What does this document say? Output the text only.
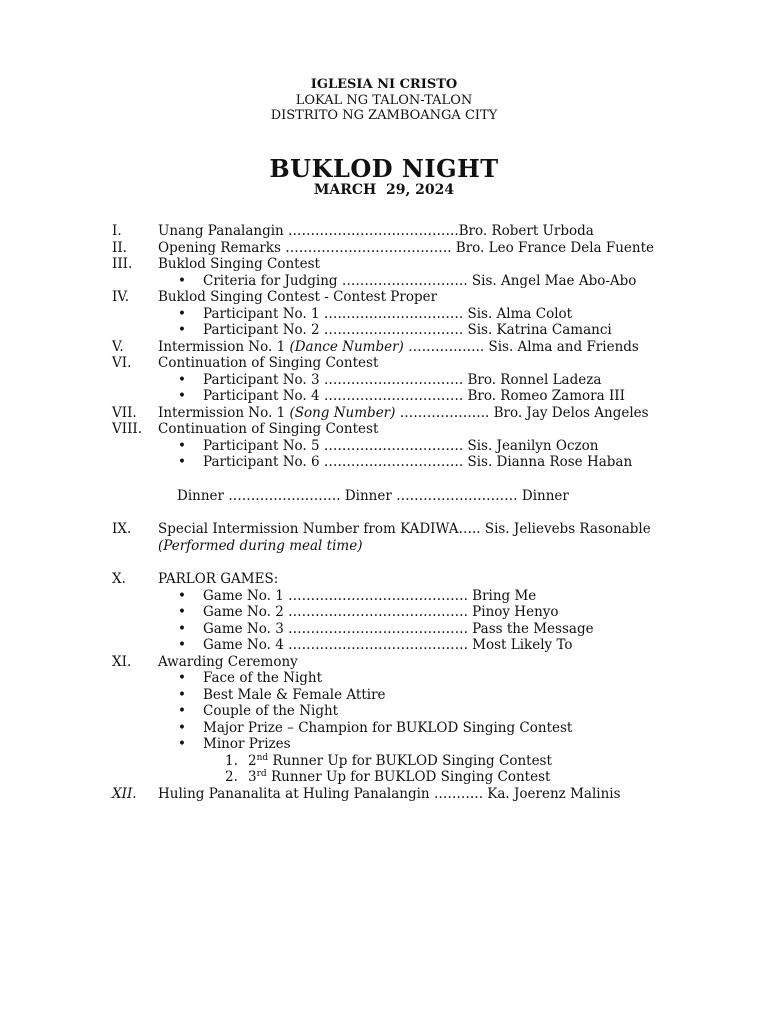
IGLESIA NI CRISTO
LOKAL NG TALON-TALON
DISTRITO NG ZAMBOANGA CITY
BUKLOD NIGHT
MARCH  29, 2024
I.	Unang Panalangin ………………………………..Bro. Robert Urboda
II. Opening Remarks ………………………………. Bro. Leo France Dela Fuente
III. Buklod Singing Contest
• Criteria for Judging ………………………. Sis. Angel Mae Abo-Abo
IV. Buklod Singing Contest - Contest Proper
• Participant No. 1 …………………………. Sis. Alma Colot
• Participant No. 2 …………………………. Sis. Katrina Camanci
V.	Intermission No. 1 (Dance Number) …………….. Sis. Alma and Friends
VI. Continuation of Singing Contest
• Participant No. 3 …………………………. Bro. Ronnel Ladeza
• Participant No. 4 …………………………. Bro. Romeo Zamora III
VII. Intermission No. 1 (Song Number) ……………….. Bro. Jay Delos Angeles
VIII. Continuation of Singing Contest
• Participant No. 5 …………………………. Sis. Jeanilyn Oczon
• Participant No. 6 …………………………. Sis. Dianna Rose Haban
Dinner ……………………. Dinner ……………………… Dinner
IX. Special Intermission Number from KADIWA….. Sis. Jelievebs Rasonable
(Performed during meal time)
X. PARLOR GAMES:
• Game No. 1 …………………………………. Bring Me
• Game No. 2 …………………………………. Pinoy Henyo
• Game No. 3 …………………………………. Pass the Message
• Game No. 4 …………………………………. Most Likely To
XI. Awarding Ceremony
• Face of the Night
• Best Male & Female Attire
• Couple of the Night
• Major Prize – Champion for BUKLOD Singing Contest
• Minor Prizes
1. 2nd Runner Up for BUKLOD Singing Contest
2. 3rd Runner Up for BUKLOD Singing Contest
XII. Huling Pananalita at Huling Panalangin ……….. Ka. Joerenz Malinis
